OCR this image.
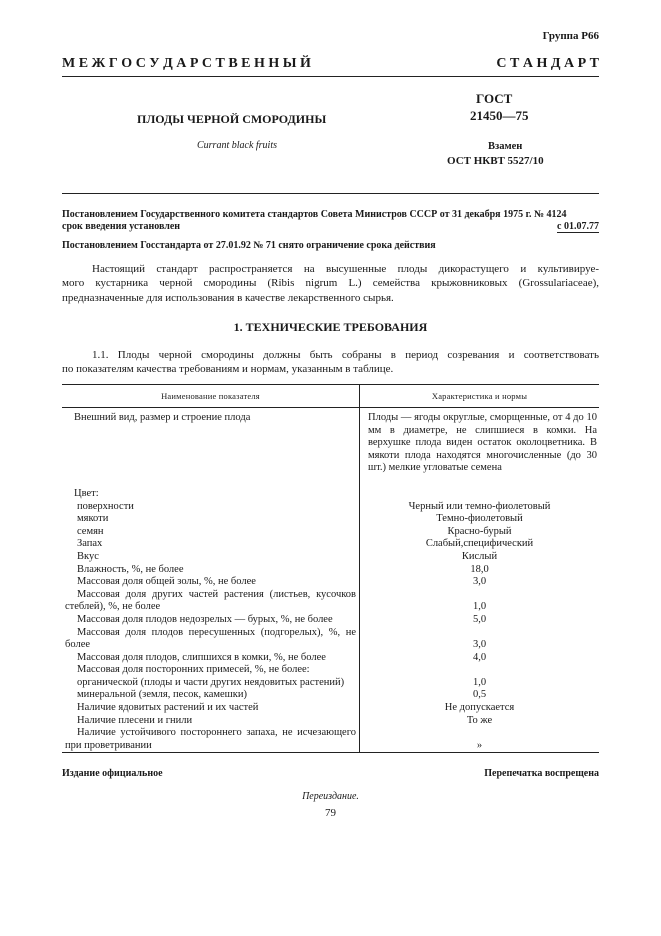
Группа Р66
М Е Ж Г О С У Д А Р С Т В Е Н Н Ы Й	С Т А Н Д А Р Т
ПЛОДЫ ЧЕРНОЙ СМОРОДИНЫ
Currant black fruits
ГОСТ
21450—75
Взамен
ОСТ НКВТ 5527/10
Постановлением Государственного комитета стандартов Совета Министров СССР от 31 декабря 1975 г. № 4124
срок введения установлен	с 01.07.77
Постановлением Госстандарта от 27.01.92 № 71 снято ограничение срока действия
Настоящий стандарт распространяется на высушенные плоды дикорастущего и культивируе-
мого кустарника черной смородины (Ribis nigrum L.) семейства крыжовниковых (Grossulariaceae),
предназначенные для использования в качестве лекарственного сырья.
1. ТЕХНИЧЕСКИЕ ТРЕБОВАНИЯ
1.1. Плоды черной смородины должны быть собраны в период созревания и соответствовать
по показателям качества требованиям и нормам, указанным в таблице.
Наименование показателя	Характеристика и нормы
Внешний вид, размер и строение плода	Плоды — ягоды округлые, сморщенные, от 4 до 10 мм в диаметре, не слипшиеся в комки. На верхушке плода виден остаток околоцветника. В мякоти плода находятся многочисленные (до 30 шт.) мелкие угловатые семена
Цвет:	
поверхности	Черный или темно-фиолетовый
мякоти	Темно-фиолетовый
семян	Красно-бурый
Запах	Слабый,специфический
Вкус	Кислый
Влажность, %, не более	18,0
Массовая доля общей золы, %, не более	3,0
Массовая доля других частей растения (листьев, кусочков стеблей), %, не более	1,0
Массовая доля плодов недозрелых — бурых, %, не более	5,0
Массовая доля плодов пересушенных (подгорелых), %, не более	3,0
Массовая доля плодов, слипшихся в комки, %, не более	4,0
Массовая доля посторонних примесей, %, не более:	
органической (плоды и части других неядовитых растений)	1,0
минеральной (земля, песок, камешки)	0,5
Наличие ядовитых растений и их частей	Не допускается
Наличие плесени и гнили	То же
Наличие устойчивого постороннего запаха, не исчезающего при проветривании	»
Издание официальное	Перепечатка воспрещена
Переиздание.
79
